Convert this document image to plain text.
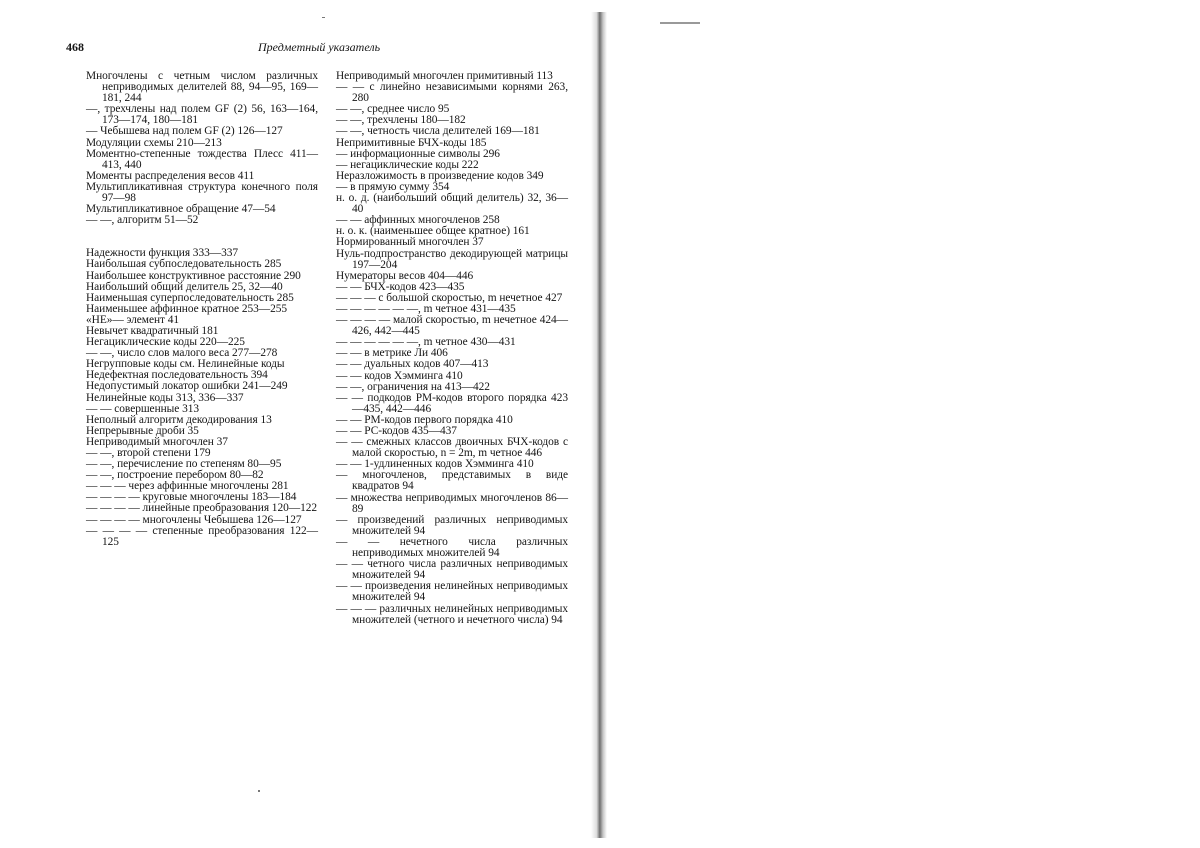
468	Предметный указатель
Многочлены с четным числом различных неприводимых делителей 88, 94—95, 169—181, 244
—, трехчлены над полем GF (2) 56, 163—164, 173—174, 180—181
— Чебышева над полем GF (2) 126—127
Модуляции схемы 210—213
Моментно-степенные тождества Плесс 411—413, 440
Моменты распределения весов 411
Мультипликативная структура конечного поля 97—98
Мультипликативное обращение 47—54
— —, алгоритм 51—52
Надежности функция 333—337
Наибольшая субпоследовательность 285
Наибольшее конструктивное расстояние 290
Наибольший общий делитель 25, 32—40
Наименьшая суперпоследовательность 285
Наименьшее аффинное кратное 253—255
«НЕ»— элемент 41
Невычет квадратичный 181
Негациклические коды 220—225
— —, число слов малого веса 277—278
Негрупповые коды см. Нелинейные коды
Недефектная последовательность 394
Недопустимый локатор ошибки 241—249
Нелинейные коды 313, 336—337
— — совершенные 313
Неполный алгоритм декодирования 13
Непрерывные дроби 35
Неприводимый многочлен 37
— —, второй степени 179
— —, перечисление по степеням 80—95
— —, построение перебором 80—82
— — — через аффинные многочлены 281
— — — — круговые многочлены 183—184
— — — — линейные преобразования 120—122
— — — — многочлены Чебышева 126—127
— — — — степенные преобразования 122—125
Неприводимый многочлен примитивный 113
— — с линейно независимыми корнями 263, 280
— —, среднее число 95
— —, трехчлены 180—182
— —, четность числа делителей 169—181
Непримитивные БЧХ-коды 185
— информационные символы 296
— негациклические коды 222
Неразложимость в произведение кодов 349
— в прямую сумму 354
н. о. д. (наибольший общий делитель) 32, 36—40
— — аффинных многочленов 258
н. о. к. (наименьшее общее кратное) 161
Нормированный многочлен 37
Нуль-подпространство декодирующей матрицы 197—204
Нумераторы весов 404—446
— — БЧХ-кодов 423—435
— — — с большой скоростью, m нечетное 427
— — — — — —, m четное 431—435
— — — — малой скоростью, m нечетное 424—426, 442—445
— — — — — —, m четное 430—431
— — в метрике Ли 406
— — дуальных кодов 407—413
— — кодов Хэмминга 410
— —, ограничения на 413—422
— — подкодов РМ-кодов второго порядка 423—435, 442—446
— — РМ-кодов первого порядка 410
— — РС-кодов 435—437
— — смежных классов двоичных БЧХ-кодов с малой скоростью, n = 2m, m четное 446
— — 1-удлиненных кодов Хэмминга 410
— многочленов, представимых в виде квадратов 94
— множества неприводимых многочленов 86—89
— произведений различных неприводимых множителей 94
— — нечетного числа различных неприводимых множителей 94
— — четного числа различных неприводимых множителей 94
— — произведения нелинейных неприводимых множителей 94
— — — различных нелинейных неприводимых множителей (четного и нечетного числа) 94
